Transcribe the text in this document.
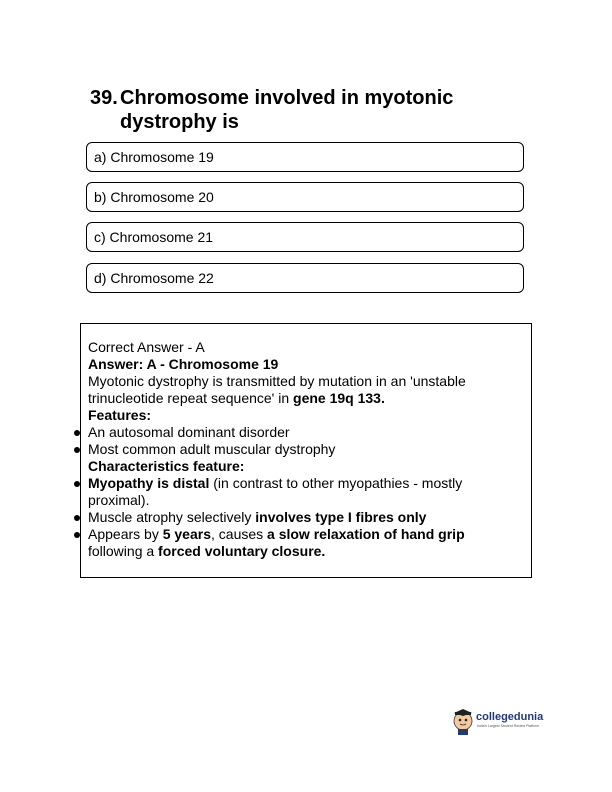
39. Chromosome involved in myotonic dystrophy is
a) Chromosome 19
b) Chromosome 20
c) Chromosome 21
d) Chromosome 22

Correct Answer - A

Answer: A - Chromosome 19

Myotonic dystrophy is transmitted by mutation in an 'unstable trinucleotide repeat sequence' in gene 19q 133.

Features:

An autosomal dominant disorder

Most common adult muscular dystrophy

Characteristics feature:

Myopathy is distal (in contrast to other myopathies - mostly proximal).

Muscle atrophy selectively involves type I fibres only

Appears by 5 years, causes a slow relaxation of hand grip following a forced voluntary closure.

collegedunia
India's Largest Student Review Platform
